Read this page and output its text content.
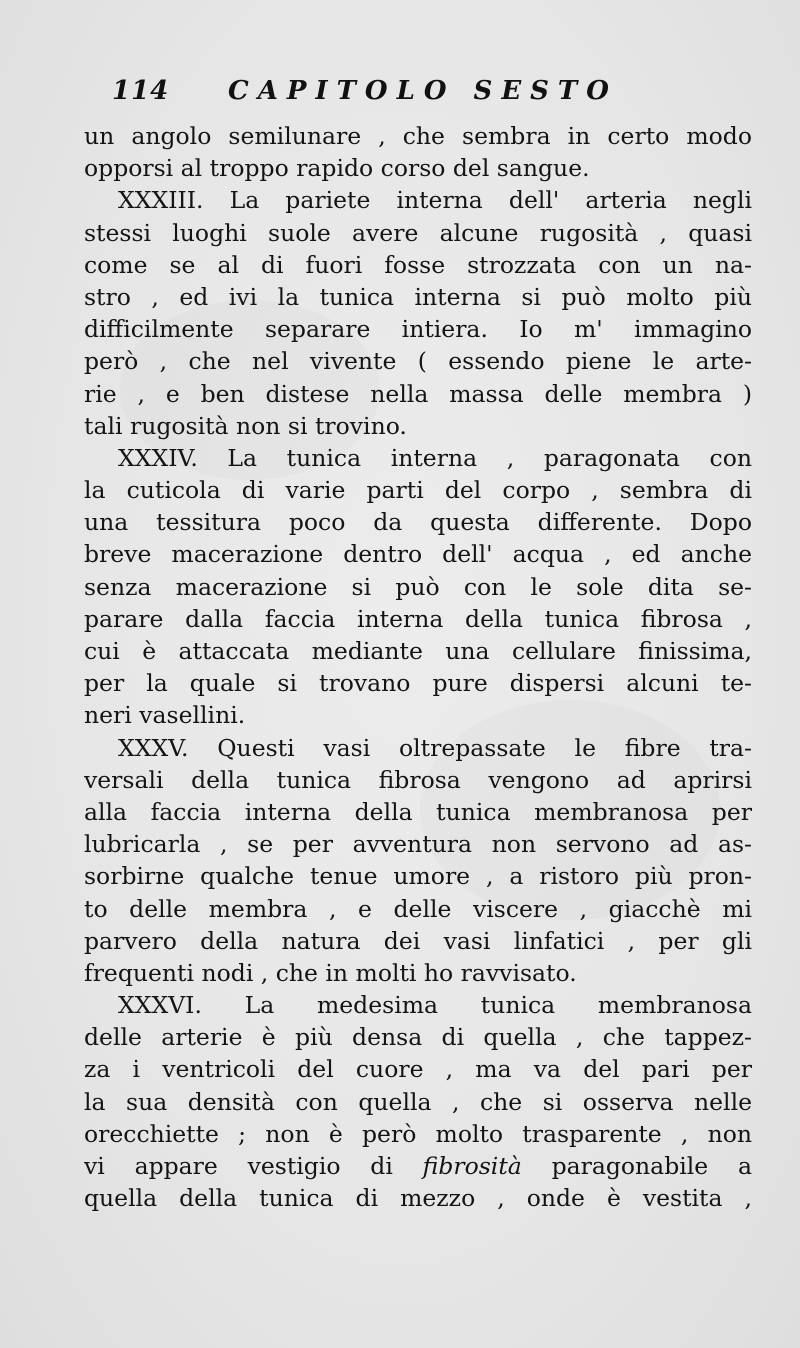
114 CAPITOLO SESTO
un angolo semilunare , che sembra in certo modo
opporsi al troppo rapido corso del sangue.
XXXIII. La pariete interna dell' arteria negli
stessi luoghi suole avere alcune rugosità , quasi
come se al di fuori fosse strozzata con un na-
stro , ed ivi la tunica interna si può molto più
difficilmente separare intiera. Io m' immagino
però , che nel vivente ( essendo piene le arte-
rie , e ben distese nella massa delle membra )
tali rugosità non si trovino.
XXXIV. La tunica interna , paragonata con
la cuticola di varie parti del corpo , sembra di
una tessitura poco da questa differente. Dopo
breve macerazione dentro dell' acqua , ed anche
senza macerazione si può con le sole dita se-
parare dalla faccia interna della tunica fibrosa ,
cui è attaccata mediante una cellulare finissima,
per la quale si trovano pure dispersi alcuni te-
neri vasellini.
XXXV. Questi vasi oltrepassate le fibre tra-
versali della tunica fibrosa vengono ad aprirsi
alla faccia interna della tunica membranosa per
lubricarla , se per avventura non servono ad as-
sorbirne qualche tenue umore , a ristoro più pron-
to delle membra , e delle viscere , giacchè mi
parvero della natura dei vasi linfatici , per gli
frequenti nodi , che in molti ho ravvisato.
XXXVI. La medesima tunica membranosa
delle arterie è più densa di quella , che tappez-
za i ventricoli del cuore , ma va del pari per
la sua densità con quella , che si osserva nelle
orecchiette ; non è però molto trasparente , non
vi appare vestigio di fibrosità paragonabile a
quella della tunica di mezzo , onde è vestita ,
